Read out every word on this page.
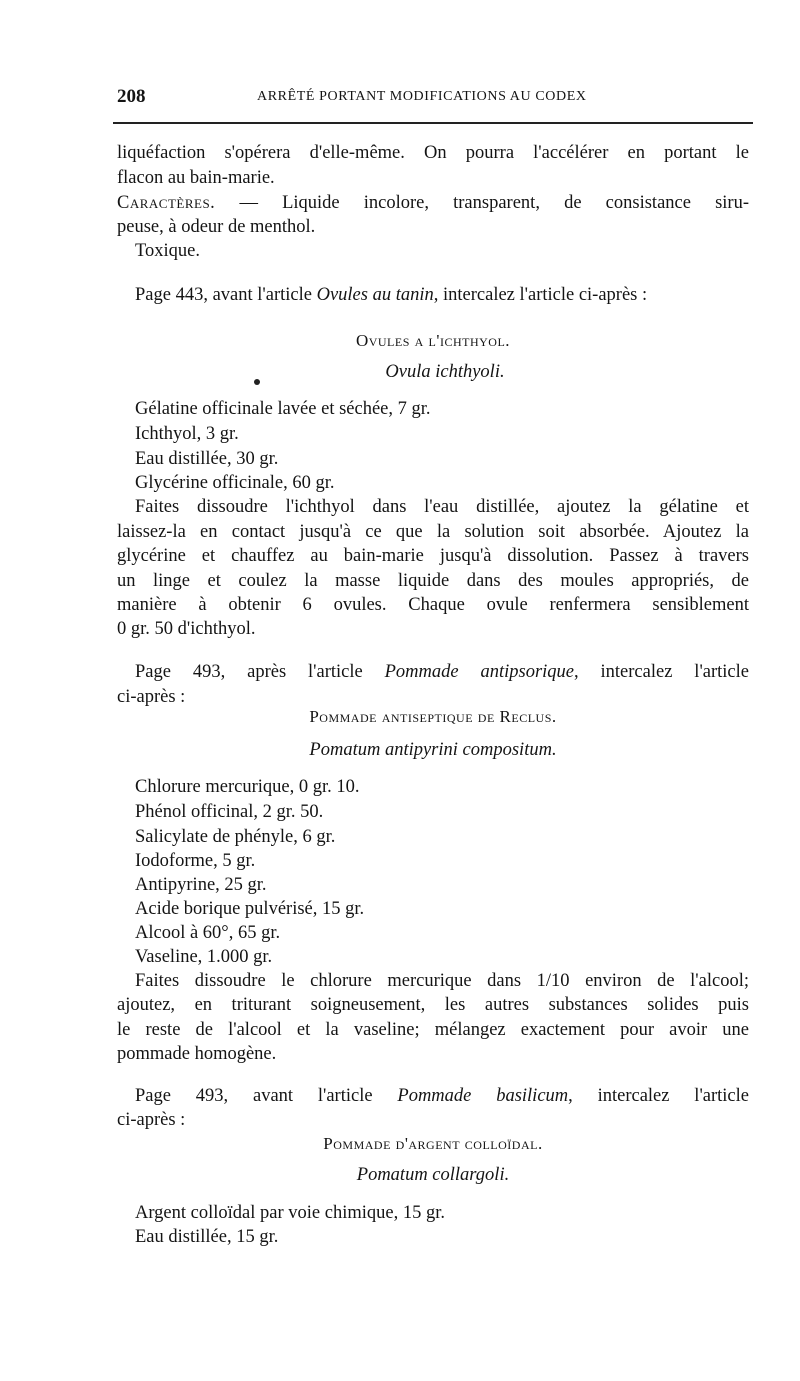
208	ARRÊTÉ PORTANT MODIFICATIONS AU CODEX
liquéfaction s'opérera d'elle-même. On pourra l'accélérer en portant le
flacon au bain-marie.
Caractères. — Liquide incolore, transparent, de consistance siru-
peuse, à odeur de menthol.
Toxique.
Page 443, avant l'article Ovules au tanin, intercalez l'article ci-après :
Ovules a l'ichthyol.
Ovula ichthyoli.
Gélatine officinale lavée et séchée, 7 gr.
Ichthyol, 3 gr.
Eau distillée, 30 gr.
Glycérine officinale, 60 gr.
Faites dissoudre l'ichthyol dans l'eau distillée, ajoutez la gélatine et
laissez-la en contact jusqu'à ce que la solution soit absorbée. Ajoutez la
glycérine et chauffez au bain-marie jusqu'à dissolution. Passez à travers
un linge et coulez la masse liquide dans des moules appropriés, de
manière à obtenir 6 ovules. Chaque ovule renfermera sensiblement
0 gr. 50 d'ichthyol.
Page 493, après l'article Pommade antipsorique, intercalez l'article
ci-après :
Pommade antiseptique de Reclus.
Pomatum antipyrini compositum.
Chlorure mercurique, 0 gr. 10.
Phénol officinal, 2 gr. 50.
Salicylate de phényle, 6 gr.
Iodoforme, 5 gr.
Antipyrine, 25 gr.
Acide borique pulvérisé, 15 gr.
Alcool à 60°, 65 gr.
Vaseline, 1.000 gr.
Faites dissoudre le chlorure mercurique dans 1/10 environ de l'alcool;
ajoutez, en triturant soigneusement, les autres substances solides puis
le reste de l'alcool et la vaseline; mélangez exactement pour avoir une
pommade homogène.
Page 493, avant l'article Pommade basilicum, intercalez l'article
ci-après :
Pommade d'argent colloïdal.
Pomatum collargoli.
Argent colloïdal par voie chimique, 15 gr.
Eau distillée, 15 gr.
